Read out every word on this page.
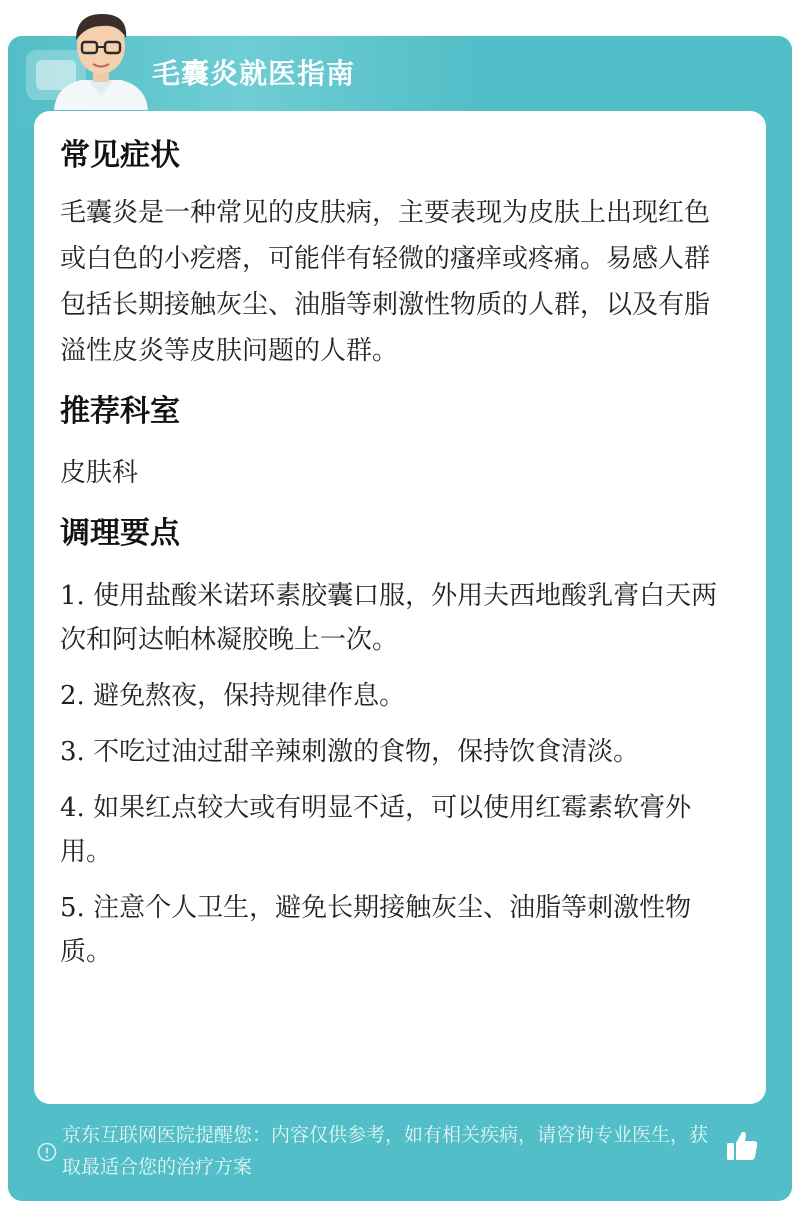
毛囊炎就医指南
常见症状

毛囊炎是一种常见的皮肤病，主要表现为皮肤上出现红色或白色的小疙瘩，可能伴有轻微的瘙痒或疼痛。易感人群包括长期接触灰尘、油脂等刺激性物质的人群，以及有脂溢性皮炎等皮肤问题的人群。

推荐科室

皮肤科

调理要点

1. 使用盐酸米诺环素胶囊口服，外用夫西地酸乳膏白天两次和阿达帕林凝胶晚上一次。

2. 避免熬夜，保持规律作息。

3. 不吃过油过甜辛辣刺激的食物，保持饮食清淡。

4. 如果红点较大或有明显不适，可以使用红霉素软膏外用。

5. 注意个人卫生，避免长期接触灰尘、油脂等刺激性物质。

京东互联网医院提醒您：内容仅供参考，如有相关疾病，请咨询专业医生，获取最适合您的治疗方案
